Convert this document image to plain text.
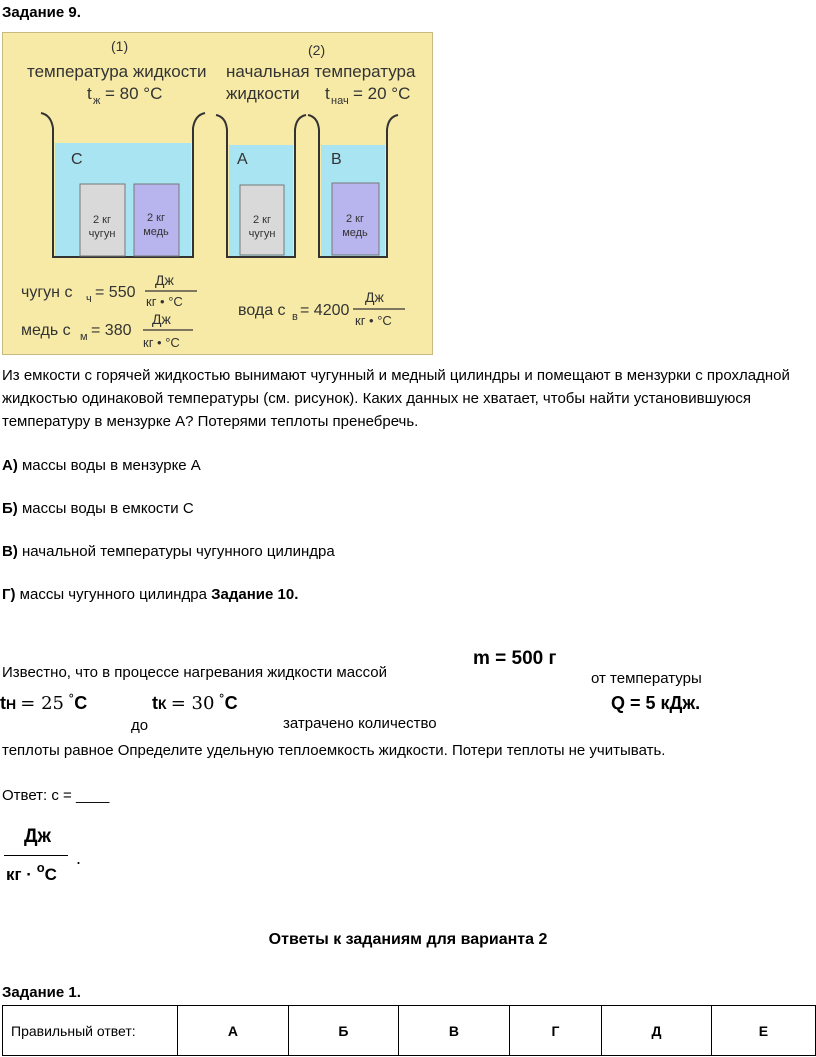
Задание 9.
(1)	(2)
температура жидкости
t ж = 80 °C
начальная температура
жидкости t нач = 20 °C
C
2 кг
чугун
2 кг
медь
A
2 кг
чугун
B
2 кг
медь
чугун c ч = 550
Дж
кг • °C
медь c м = 380
Дж
кг • °C
вода c в = 4200
Дж
кг • °C
Из емкости с горячей жидкостью вынимают чугунный и медный цилиндры и помещают в мензурки с прохладной жидкостью одинаковой температуры (см. рисунок). Каких данных не хватает, чтобы найти установившуюся температуру в мензурке А? Потерями теплоты пренебречь.
А) массы воды в мензурке А
Б) массы воды в емкости С
В) начальной температуры чугунного цилиндра
Г) массы чугунного цилиндра Задание 10.
Известно, что в процессе нагревания жидкости массой
m = 500 г
от температуры
tН = 25 °C
до
tК = 30 °C
затрачено количество
Q = 5 кДж.
теплоты равное Определите удельную теплоемкость жидкости. Потери теплоты не учитывать.
Ответ: с = ____
Дж
кг · $^о$С
.
Ответы к заданиям для варианта 2
Задание 1.
Правильный ответ:	А	Б	В	Г	Д	Е
